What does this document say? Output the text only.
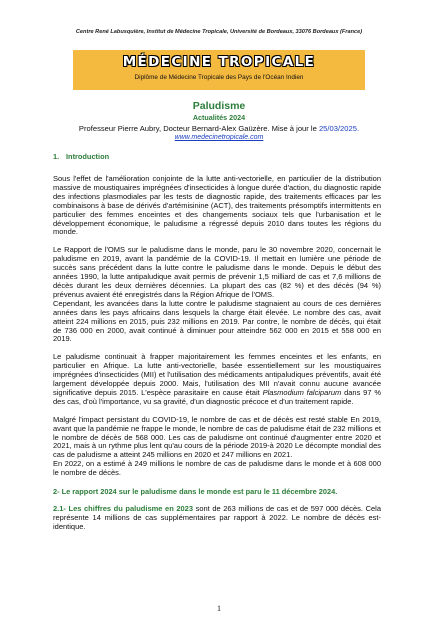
Centre René Labusquière, Institut de Médecine Tropicale, Université de Bordeaux, 33076 Bordeaux (France)
MÉDECINE TROPICALE
Diplôme de Médecine Tropicale des Pays de l'Océan Indien
Paludisme
Actualités 2024
Professeur Pierre Aubry, Docteur Bernard-Alex Gaüzère. Mise à jour le 25/03/2025.
www.medecinetropicale.com
1. Introduction

Sous l'effet de l'amélioration conjointe de la lutte anti-vectorielle, en particulier de la distribution massive de moustiquaires imprégnées d'insecticides à longue durée d'action, du diagnostic rapide des infections plasmodiales par les tests de diagnostic rapide, des traitements efficaces par les combinaisons à base de dérivés d'artémisinine (ACT), des traitements présomptifs intermittents en particulier des femmes enceintes et des changements sociaux tels que l'urbanisation et le développement économique, le paludisme a régressé depuis 2010 dans toutes les régions du monde.

Le Rapport de l'OMS sur le paludisme dans le monde, paru le 30 novembre 2020, concernait le paludisme en 2019, avant la pandémie de la COVID-19. Il mettait en lumière une période de succès sans précédent dans la lutte contre le paludisme dans le monde. Depuis le début des années 1990, la lutte antipaludique avait permis de prévenir 1,5 milliard de cas et 7,6 millions de décès durant les deux dernières décennies. La plupart des cas (82 %) et des décès (94 %) prévenus avaient été enregistrés dans la Région Afrique de l'OMS.

Cependant, les avancées dans la lutte contre le paludisme stagnaient au cours de ces dernières années dans les pays africains dans lesquels la charge était élevée. Le nombre des cas, avait atteint 224 millions en 2015, puis 232 millions en 2019. Par contre, le nombre de décès, qui était de 736 000 en 2000, avait continué à diminuer pour atteindre 562 000 en 2015 et 558 000 en 2019.

Le paludisme continuait à frapper majoritairement les femmes enceintes et les enfants, en particulier en Afrique. La lutte anti-vectorielle, basée essentiellement sur les moustiquaires imprégnées d'insecticides (MII) et l'utilisation des médicaments antipaludiques préventifs, avait été largement développée depuis 2000. Mais, l'utilisation des MII n'avait connu aucune avancée significative depuis 2015. L'espèce parasitaire en cause était Plasmodium falciparum dans 97 % des cas, d'où l'importance, vu sa gravité, d'un diagnostic précoce et d'un traitement rapide.

Malgré l'impact persistant du COVID-19, le nombre de cas et de décès est resté stable En 2019, avant que la pandémie ne frappe le monde, le nombre de cas de paludisme était de 232 millions et le nombre de décès de 568 000. Les cas de paludisme ont continué d'augmenter entre 2020 et 2021, mais à un rythme plus lent qu'au cours de la période 2019-à 2020 Le décompte mondial des cas de paludisme a atteint 245 millions en 2020 et 247 millions en 2021.

En 2022, on a estimé à 249 millions le nombre de cas de paludisme dans le monde et à 608 000 le nombre de décès.

2- Le rapport 2024 sur le paludisme dans le monde est paru le 11 décembre 2024.

2.1- Les chiffres du paludisme en 2023 sont de 263 millions de cas et de 597 000 décès. Cela représente 14 millions de cas supplémentaires par rapport à 2022. Le nombre de décès est-identique.

1
